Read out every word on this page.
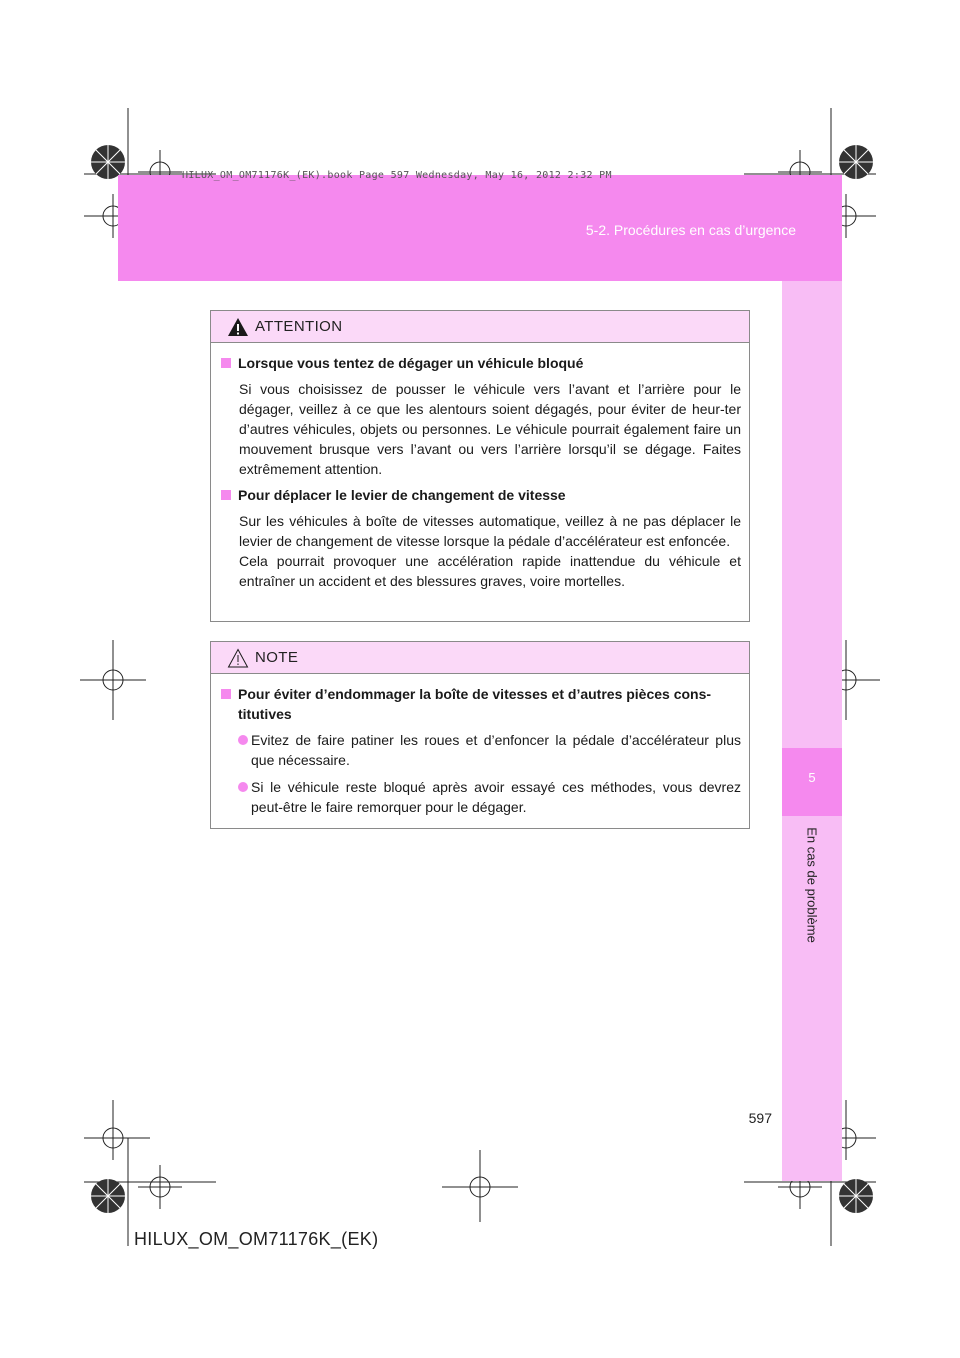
5
En cas de problème
HILUX_OM_OM71176K_(EK).book Page 597 Wednesday, May 16, 2012 2:32 PM
5-2. Procédures en cas d’urgence
ATTENTION
Lorsque vous tentez de dégager un véhicule bloqué
Si vous choisissez de pousser le véhicule vers l’avant et l’arrière pour le dégager, veillez à ce que les alentours soient dégagés, pour éviter de heur-ter d’autres véhicules, objets ou personnes. Le véhicule pourrait également faire un mouvement brusque vers l’avant ou vers l’arrière lorsqu’il se dégage. Faites extrêmement attention.
Pour déplacer le levier de changement de vitesse
Sur les véhicules à boîte de vitesses automatique, veillez à ne pas déplacer le levier de changement de vitesse lorsque la pédale d’accélérateur est enfoncée.
Cela pourrait provoquer une accélération rapide inattendue du véhicule et entraîner un accident et des blessures graves, voire mortelles.
NOTE
Pour éviter d’endommager la boîte de vitesses et d’autres pièces cons-titutives
Evitez de faire patiner les roues et d’enfoncer la pédale d’accélérateur plus que nécessaire.
Si le véhicule reste bloqué après avoir essayé ces méthodes, vous devrez peut-être le faire remorquer pour le dégager.
597
HILUX_OM_OM71176K_(EK)
